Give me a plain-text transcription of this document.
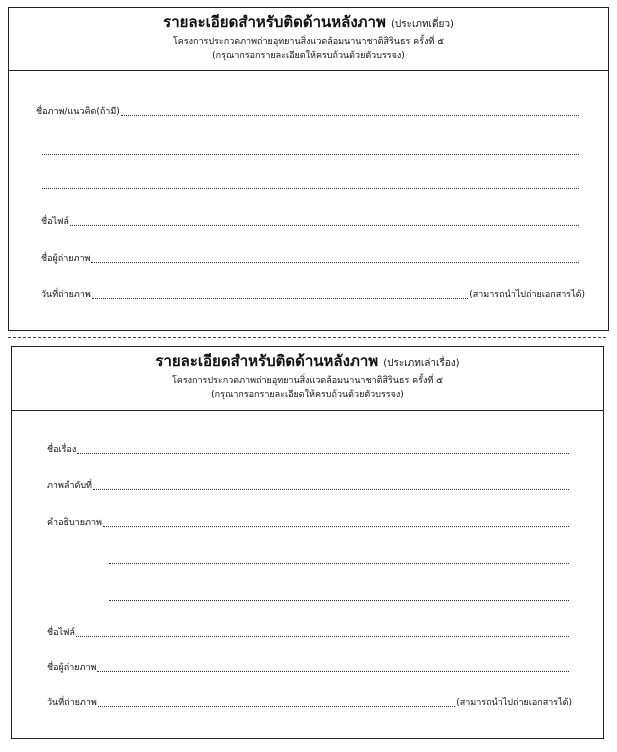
รายละเอียดสำหรับติดด้านหลังภาพ (ประเภทเดี่ยว)
โครงการประกวดภาพถ่ายอุทยานสิ่งแวดล้อมนานาชาติสิรินธร ครั้งที่ ๕
(กรุณากรอกรายละเอียดให้ครบถ้วนด้วยตัวบรรจง)
ชื่อภาพ/แนวคิด(ถ้ามี)
ชื่อไฟล์
ชื่อผู้ถ่ายภาพ
วันที่ถ่ายภาพ	(สามารถนำไปถ่ายเอกสารได้)
รายละเอียดสำหรับติดด้านหลังภาพ (ประเภทเล่าเรื่อง)
โครงการประกวดภาพถ่ายอุทยานสิ่งแวดล้อมนานาชาติสิรินธร ครั้งที่ ๕
(กรุณากรอกรายละเอียดให้ครบถ้วนด้วยตัวบรรจง)
ชื่อเรื่อง
ภาพลำดับที่
คำอธิบายภาพ
ชื่อไฟล์
ชื่อผู้ถ่ายภาพ
วันที่ถ่ายภาพ	(สามารถนำไปถ่ายเอกสารได้)
